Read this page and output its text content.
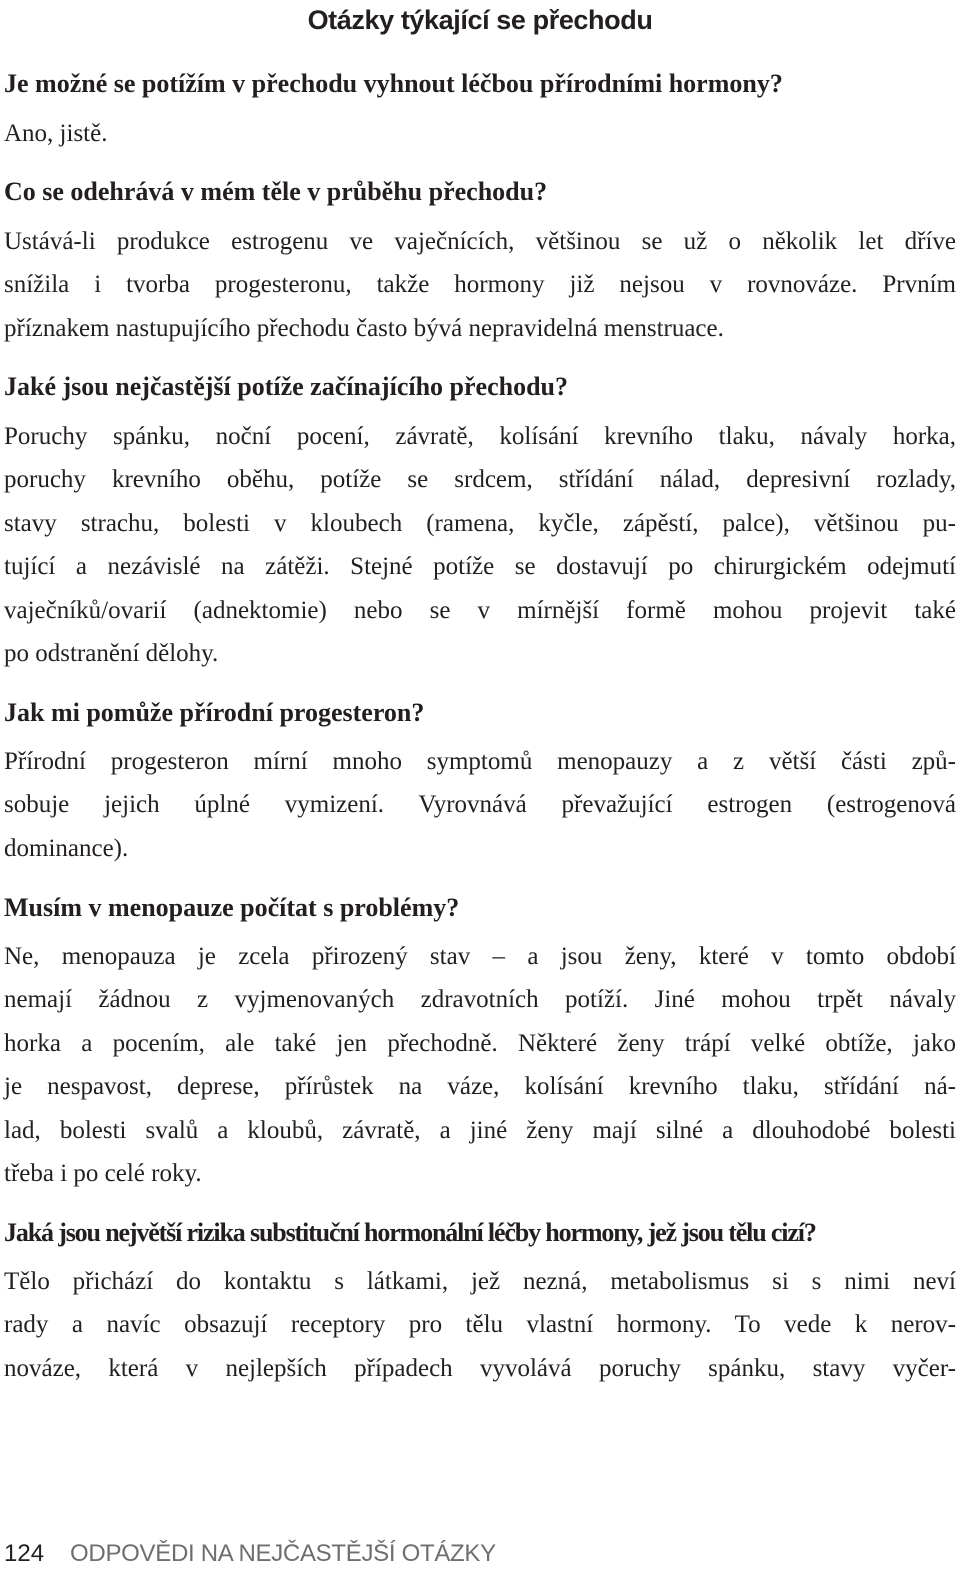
Otázky týkající se přechodu

Je možné se potížím v přechodu vyhnout léčbou přírodními hormony?

Ano, jistě.

Co se odehrává v mém těle v průběhu přechodu?

Ustává-li produkce estrogenu ve vaječnících, většinou se už o několik let dříve
snížila i tvorba progesteronu, takže hormony již nejsou v rovnováze. Prvním
příznakem nastupujícího přechodu často bývá nepravidelná menstruace.

Jaké jsou nejčastější potíže začínajícího přechodu?

Poruchy spánku, noční pocení, závratě, kolísání krevního tlaku, návaly horka,
poruchy krevního oběhu, potíže se srdcem, střídání nálad, depresivní rozlady,
stavy strachu, bolesti v kloubech (ramena, kyčle, zápěstí, palce), většinou pu-
tující a nezávislé na zátěži. Stejné potíže se dostavují po chirurgickém odejmutí
vaječníků/ovarií (adnektomie) nebo se v mírnější formě mohou projevit také
po odstranění dělohy.

Jak mi pomůže přírodní progesteron?

Přírodní progesteron mírní mnoho symptomů menopauzy a z větší části způ-
sobuje jejich úplné vymizení. Vyrovnává převažující estrogen (estrogenová
dominance).

Musím v menopauze počítat s problémy?

Ne, menopauza je zcela přirozený stav – a jsou ženy, které v tomto období
nemají žádnou z vyjmenovaných zdravotních potíží. Jiné mohou trpět návaly
horka a pocením, ale také jen přechodně. Některé ženy trápí velké obtíže, jako
je nespavost, deprese, přírůstek na váze, kolísání krevního tlaku, střídání ná-
lad, bolesti svalů a kloubů, závratě, a jiné ženy mají silné a dlouhodobé bolesti
třeba i po celé roky.

Jaká jsou největší rizika substituční hormonální léčby hormony, jež jsou tělu cizí?

Tělo přichází do kontaktu s látkami, jež nezná, metabolismus si s nimi neví
rady a navíc obsazují receptory pro tělu vlastní hormony. To vede k nerov-
nováze, která v nejlepších případech vyvolává poruchy spánku, stavy vyčer-

124 ODPOVĚDI NA NEJČASTĚJŠÍ OTÁZKY
